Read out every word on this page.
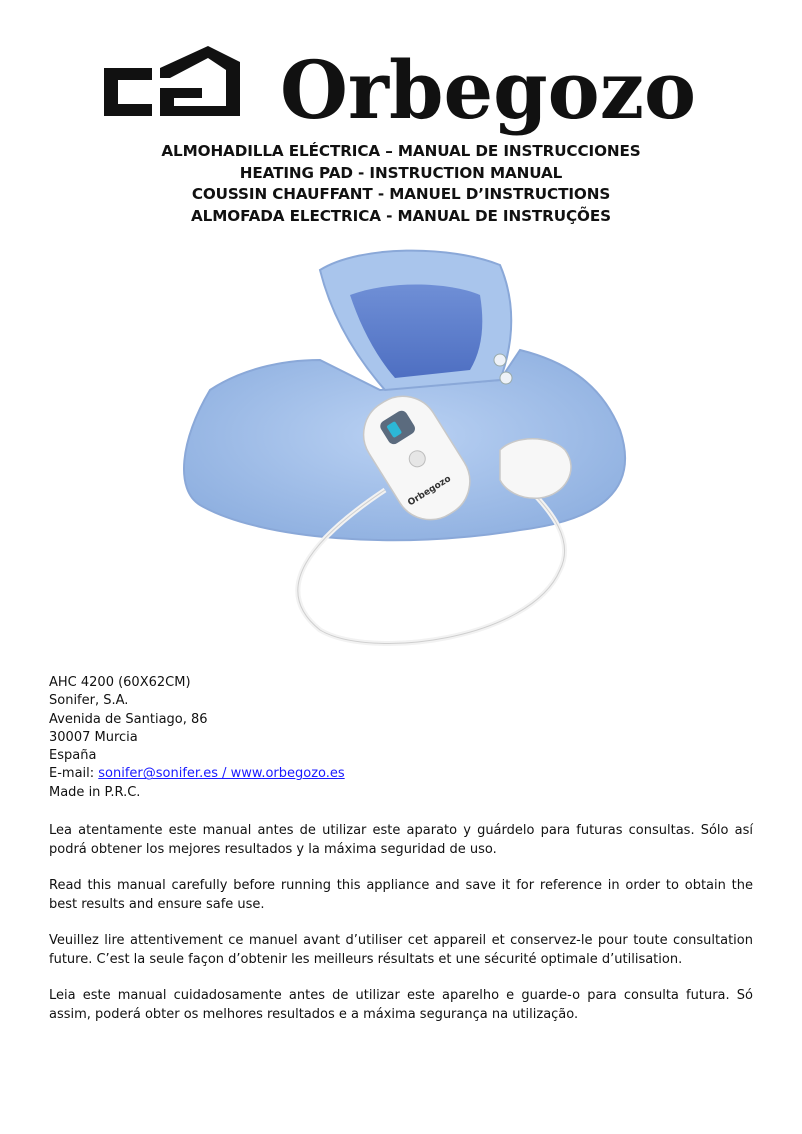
Orbegozo
ALMOHADILLA ELÉCTRICA – MANUAL DE INSTRUCCIONES
HEATING PAD - INSTRUCTION MANUAL
COUSSIN CHAUFFANT - MANUEL D’INSTRUCTIONS
ALMOFADA ELECTRICA - MANUAL DE INSTRUÇÕES
Orbegozo
AHC 4200 (60X62CM)
Sonifer, S.A.
Avenida de Santiago, 86
30007 Murcia
España
E-mail: sonifer@sonifer.es / www.orbegozo.es
Made in P.R.C.
Lea atentamente este manual antes de utilizar este aparato y guárdelo para futuras consultas. Sólo así podrá obtener los mejores resultados y la máxima seguridad de uso.
Read this manual carefully before running this appliance and save it for reference in order to obtain the best results and ensure safe use.
Veuillez lire attentivement ce manuel avant d’utiliser cet appareil et conservez-le pour toute consultation future. C’est la seule façon d’obtenir les meilleurs résultats et une sécurité optimale d’utilisation.
Leia este manual cuidadosamente antes de utilizar este aparelho e guarde-o para consulta futura. Só assim, poderá obter os melhores resultados e a máxima segurança na utilização.
